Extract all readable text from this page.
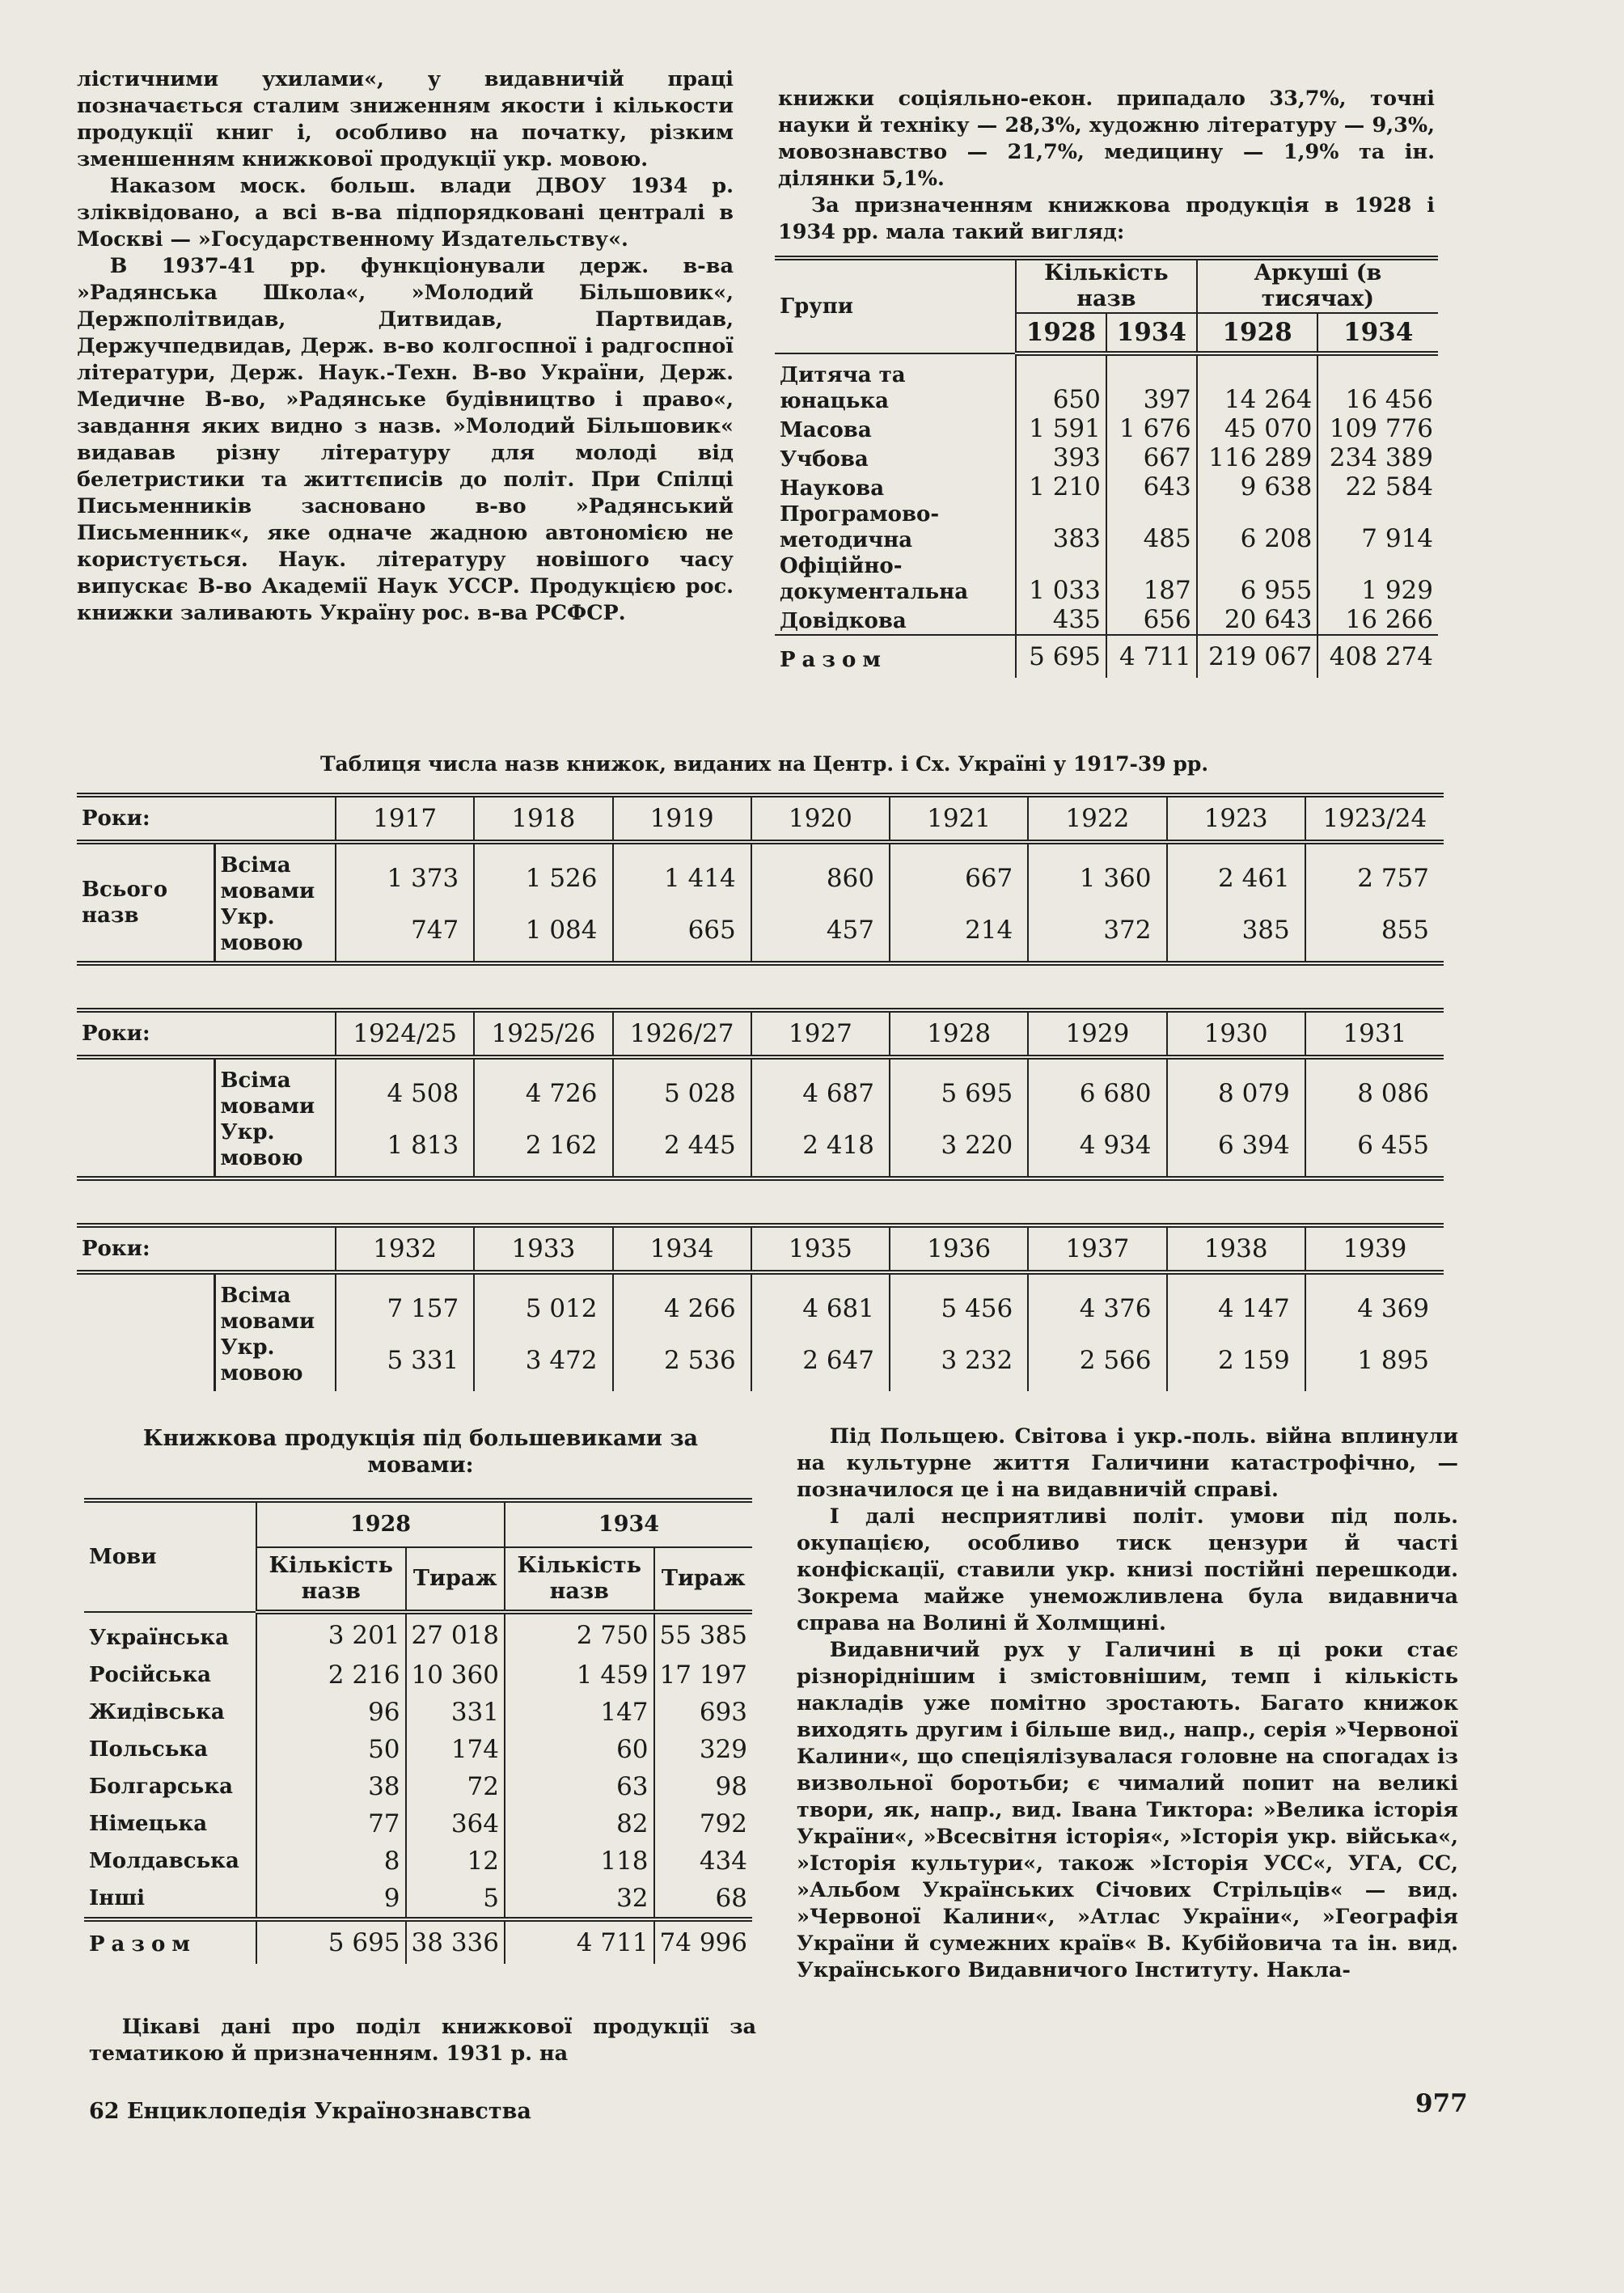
лістичними ухилами«, у видавничій праці позначається сталим зниженням якости і кількости продукції книг і, особливо на початку, різким зменшенням книжкової продукції укр. мовою.

Наказом моск. больш. влади ДВОУ 1934 р. зліквідовано, а всі в-ва підпорядковані централі в Москві — »Государственному Издательству«.

В 1937-41 рр. функціонували держ. в-ва »Радянська Школа«, »Молодий Більшовик«, Держполітвидав, Дитвидав, Партвидав, Держучпедвидав, Держ. в-во колгоспної і радгоспної літератури, Держ. Наук.-Техн. В-во України, Держ. Медичне В-во, »Радянське будівництво і право«, завдання яких видно з назв. »Молодий Більшовик« видавав різну літературу для молоді від белетристики та життєписів до політ. При Спілці Письменників засновано в-во »Радянський Письменник«, яке одначе жадною автономією не користується. Наук. літературу новішого часу випускає В-во Академії Наук УССР. Продукцією рос. книжки заливають Україну рос. в-ва РСФСР.

книжки соціяльно-екон. припадало 33,7%, точні науки й техніку — 28,3%, художню літературу — 9,3%, мовознавство — 21,7%, медицину — 1,9% та ін. ділянки 5,1%.

За призначенням книжкова продукція в 1928 і 1934 рр. мала такий вигляд:

Групи	Кількість назв		Аркуші (в тисячах)	
	1928	1934	1928	1934
Дитяча та юнацька	650	397	14 264	16 456
Масова	1 591	1 676	45 070	109 776
Учбова	393	667	116 289	234 389
Наукова	1 210	643	9 638	22 584
Програмово-методична	383	485	6 208	7 914
Офіційно-документальна	1 033	187	6 955	1 929
Довідкова	435	656	20 643	16 266
Разом	5 695	4 711	219 067	408 274
Таблиця числа назв книжок, виданих на Центр. і Сх. Україні у 1917-39 рр.
Роки:		1917	1918	1919	1920	1921	1922	1923	1923/24
Всього назв	Всіма мовами	1 373	1 526	1 414	860	667	1 360	2 461	2 757
	Укр. мовою	747	1 084	665	457	214	372	385	855
Роки:		1924/25	1925/26	1926/27	1927	1928	1929	1930	1931
	Всіма мовами	4 508	4 726	5 028	4 687	5 695	6 680	8 079	8 086
	Укр. мовою	1 813	2 162	2 445	2 418	3 220	4 934	6 394	6 455
Роки:		1932	1933	1934	1935	1936	1937	1938	1939
	Всіма мовами	7 157	5 012	4 266	4 681	5 456	4 376	4 147	4 369
	Укр. мовою	5 331	3 472	2 536	2 647	3 232	2 566	2 159	1 895
Книжкова продукція під большевиками за мовами:
Мови	1928		1934	
	Кількість назв	Тираж	Кількість назв	Тираж
Українська	3 201	27 018	2 750	55 385
Російська	2 216	10 360	1 459	17 197
Жидівська	96	331	147	693
Польська	50	174	60	329
Болгарська	38	72	63	98
Німецька	77	364	82	792
Молдавська	8	12	118	434
Інші	9	5	32	68
Разом	5 695	38 336	4 711	74 996

Цікаві дані про поділ книжкової продукції за тематикою й призначенням. 1931 р. на

Під Польщею. Світова і укр.-поль. війна вплинули на культурне життя Галичини катастрофічно, — позначилося це і на видавничій справі.

І далі несприятливі політ. умови під поль. окупацією, особливо тиск цензури й часті конфіскації, ставили укр. книзі постійні перешкоди. Зокрема майже унеможливлена була видавнича справа на Волині й Холмщині.

Видавничий рух у Галичині в ці роки стає різноріднішим і змістовнішим, темп і кількість накладів уже помітно зростають. Багато книжок виходять другим і більше вид., напр., серія »Червоної Калини«, що спеціялізувалася головне на спогадах із визвольної боротьби; є чималий попит на великі твори, як, напр., вид. Івана Тиктора: »Велика історія України«, »Всесвітня історія«, »Історія укр. війська«, »Історія культури«, також »Історія УСС«, УГА, СС, »Альбом Українських Січових Стрільців« — вид. »Червоної Калини«, »Атлас України«, »Географія України й сумежних країв« В. Кубійовича та ін. вид. Українського Видавничого Інституту. Накла-

62 Енциклопедія Українознавства	977
